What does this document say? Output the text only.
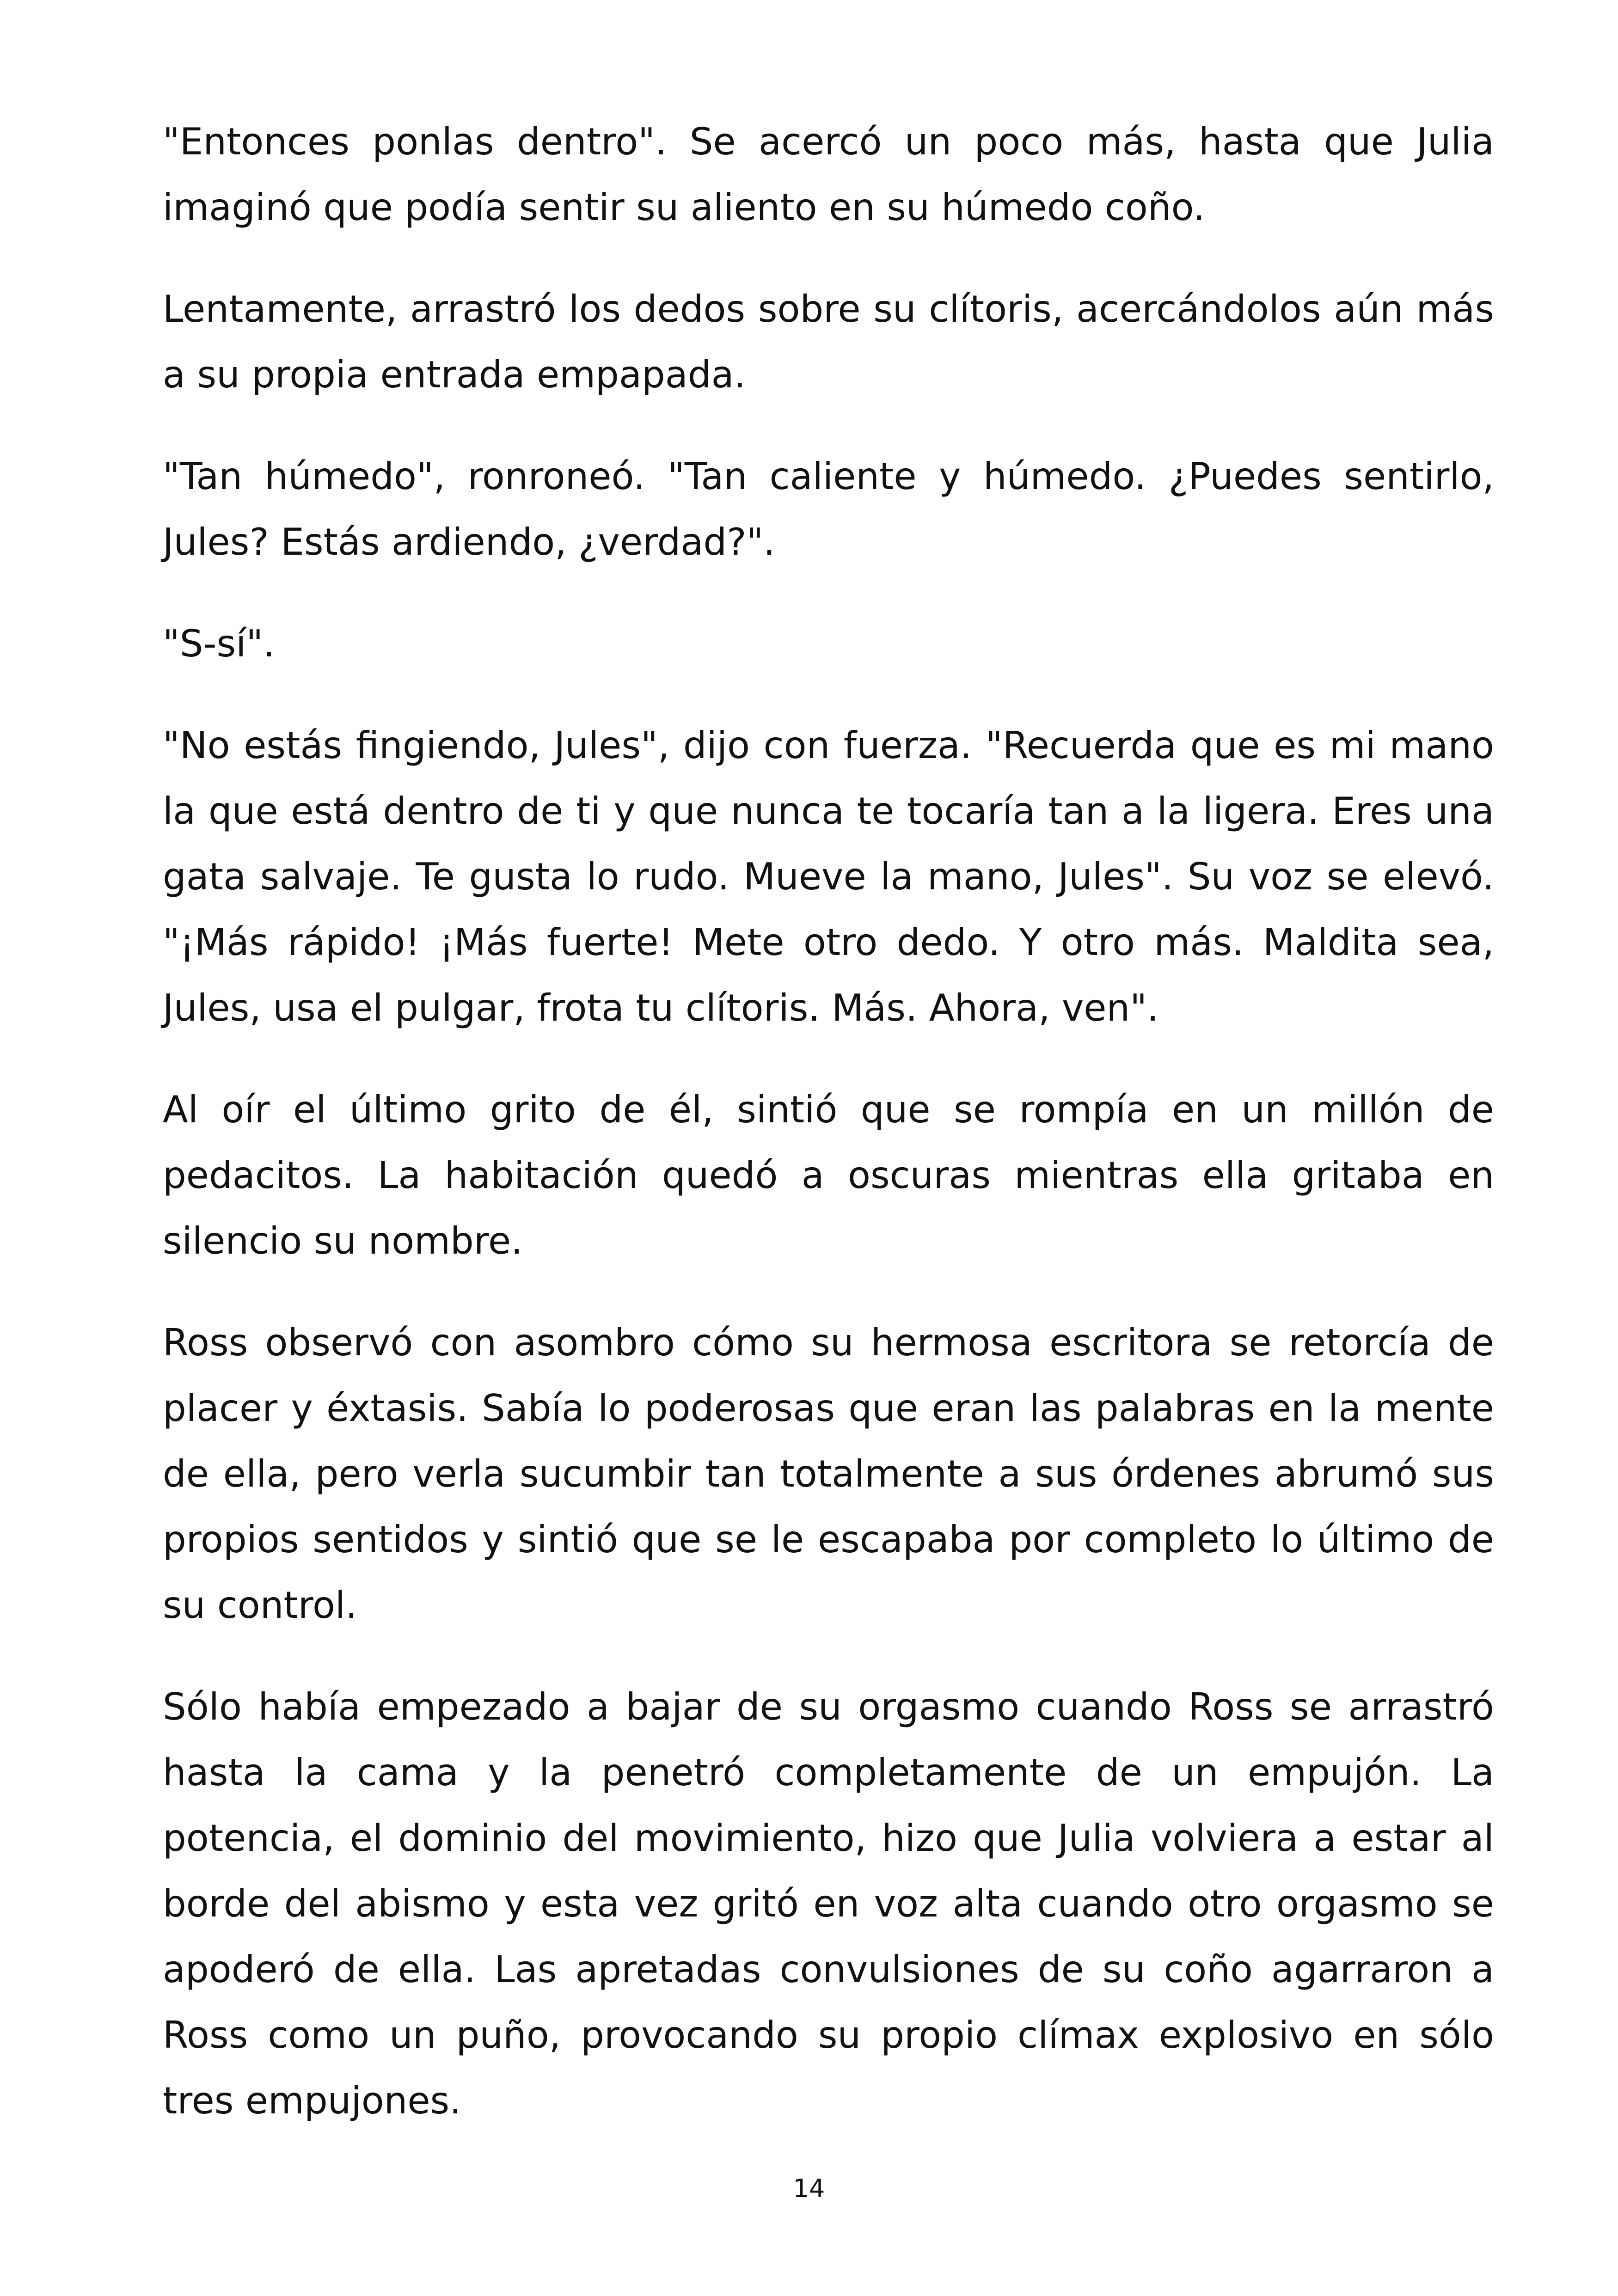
"Entonces ponlas dentro". Se acercó un poco más, hasta que Julia imaginó que podía sentir su aliento en su húmedo coño.

Lentamente, arrastró los dedos sobre su clítoris, acercándolos aún más a su propia entrada empapada.

"Tan húmedo", ronroneó. "Tan caliente y húmedo. ¿Puedes sentirlo, Jules? Estás ardiendo, ¿verdad?".

"S-sí".

"No estás fingiendo, Jules", dijo con fuerza. "Recuerda que es mi mano la que está dentro de ti y que nunca te tocaría tan a la ligera. Eres una gata salvaje. Te gusta lo rudo. Mueve la mano, Jules". Su voz se elevó. "¡Más rápido! ¡Más fuerte! Mete otro dedo. Y otro más. Maldita sea, Jules, usa el pulgar, frota tu clítoris. Más. Ahora, ven".

Al oír el último grito de él, sintió que se rompía en un millón de pedacitos. La habitación quedó a oscuras mientras ella gritaba en silencio su nombre.

Ross observó con asombro cómo su hermosa escritora se retorcía de placer y éxtasis. Sabía lo poderosas que eran las palabras en la mente de ella, pero verla sucumbir tan totalmente a sus órdenes abrumó sus propios sentidos y sintió que se le escapaba por completo lo último de su control.

Sólo había empezado a bajar de su orgasmo cuando Ross se arrastró hasta la cama y la penetró completamente de un empujón. La potencia, el dominio del movimiento, hizo que Julia volviera a estar al borde del abismo y esta vez gritó en voz alta cuando otro orgasmo se apoderó de ella. Las apretadas convulsiones de su coño agarraron a Ross como un puño, provocando su propio clímax explosivo en sólo tres empujones.

14
